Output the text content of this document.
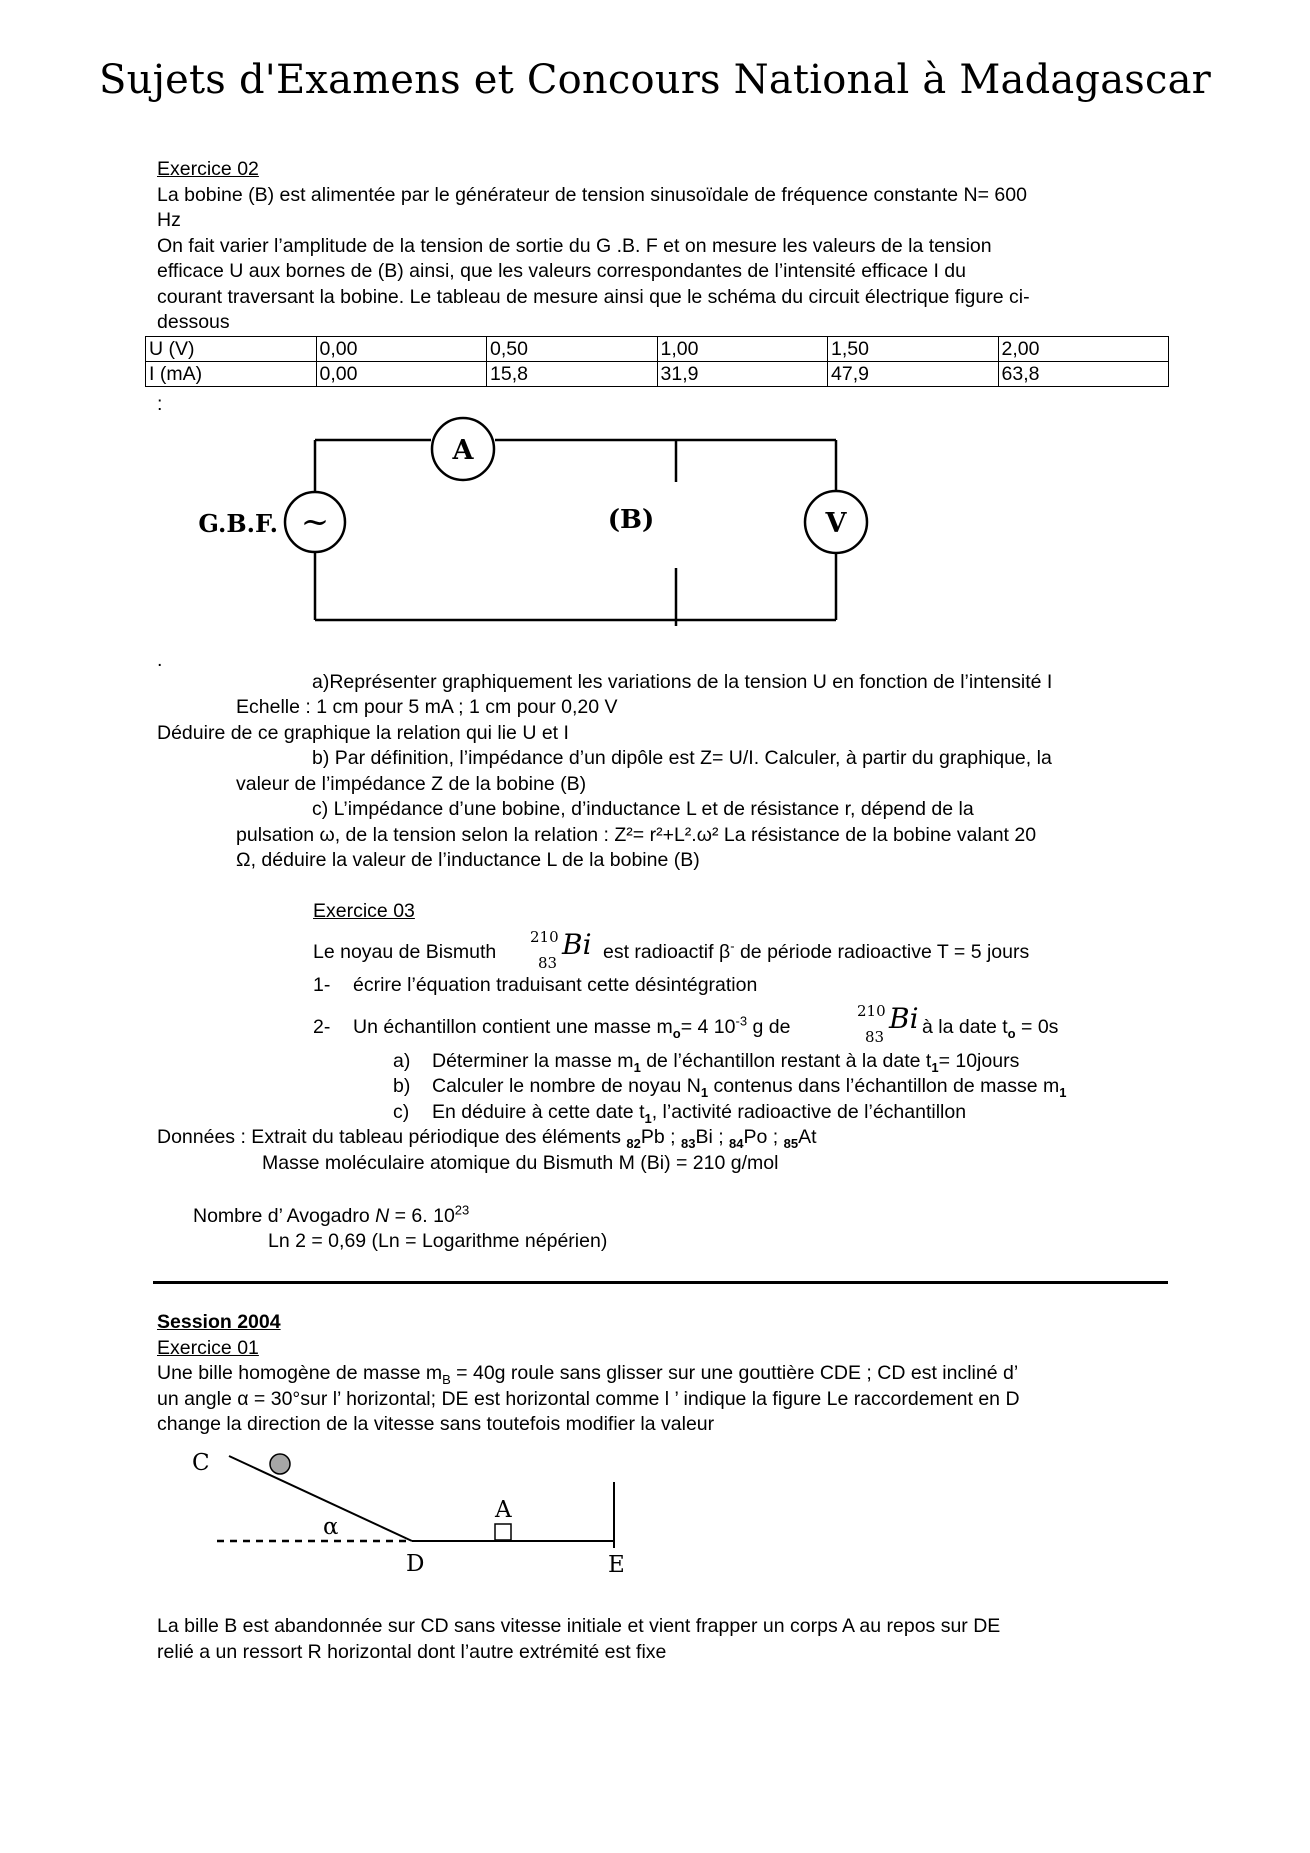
Sujets d'Examens et Concours National à Madagascar
Exercice 02
La bobine (B) est alimentée par le générateur de tension sinusoïdale de fréquence constante N= 600
Hz
On fait varier l’amplitude de la tension de sortie du G .B. F et on mesure les valeurs de la tension
efficace U aux bornes de (B) ainsi, que les valeurs correspondantes de l’intensité efficace I du
courant traversant la bobine. Le tableau de mesure ainsi que le schéma du circuit électrique figure ci-
dessous
U (V)	0,00	0,50	1,00	1,50	2,00
I (mA)	0,00	15,8	31,9	47,9	63,8
:
~
G.B.F.
A
(B)	V
.
a)Représenter graphiquement les variations de la tension U en fonction de l’intensité I
Echelle : 1 cm pour 5 mA ; 1 cm pour 0,20 V
Déduire de ce graphique la relation qui lie U et I
b) Par définition, l’impédance d’un dipôle est Z= U/I. Calculer, à partir du graphique, la
valeur de l’impédance Z de la bobine (B)
c) L’impédance d’une bobine, d’inductance L et de résistance r, dépend de la
pulsation ω, de la tension selon la relation : Z²= r²+L².ω² La résistance de la bobine valant 20
Ω, déduire la valeur de l’inductance L de la bobine (B)
Exercice 03
Le noyau de Bismuth
210
83
Bi est radioactif β- de période radioactive T = 5 jours
1- écrire l’équation traduisant cette désintégration
2- Un échantillon contient une masse $m_o= 4$ $10^{-3}$ g de
210
83
Bi à la date $t_o = 0s$
a) Déterminer la masse $m_1$ de l’échantillon restant à la date $t_1=$ 10jours
b) Calculer le nombre de noyau $N_1$ contenus dans l’échantillon de masse $m_1$
c) En déduire à cette date $t_1$, l’activité radioactive de l’échantillon
Données : Extrait du tableau périodique des éléments $_{82}$Pb ; $_{83}$Bi ; $_{84}$Po ; $_{85}$At
Masse moléculaire atomique du Bismuth M (Bi) = 210 g/mol
Nombre d’ Avogadro N = 6. $10^{23}$
Ln 2 = 0,69 (Ln = Logarithme népérien)
Session 2004
Exercice 01
Une bille homogène de masse $m_B = 40g$ roule sans glisser sur une gouttière CDE ; CD est incliné d’
un angle α = 30°sur l’ horizontal; DE est horizontal comme l ’ indique la figure Le raccordement en D
change la direction de la vitesse sans toutefois modifier la valeur
C
α
D
A
E
La bille B est abandonnée sur CD sans vitesse initiale et vient frapper un corps A au repos sur DE
relié a un ressort R horizontal dont l’autre extrémité est fixe
